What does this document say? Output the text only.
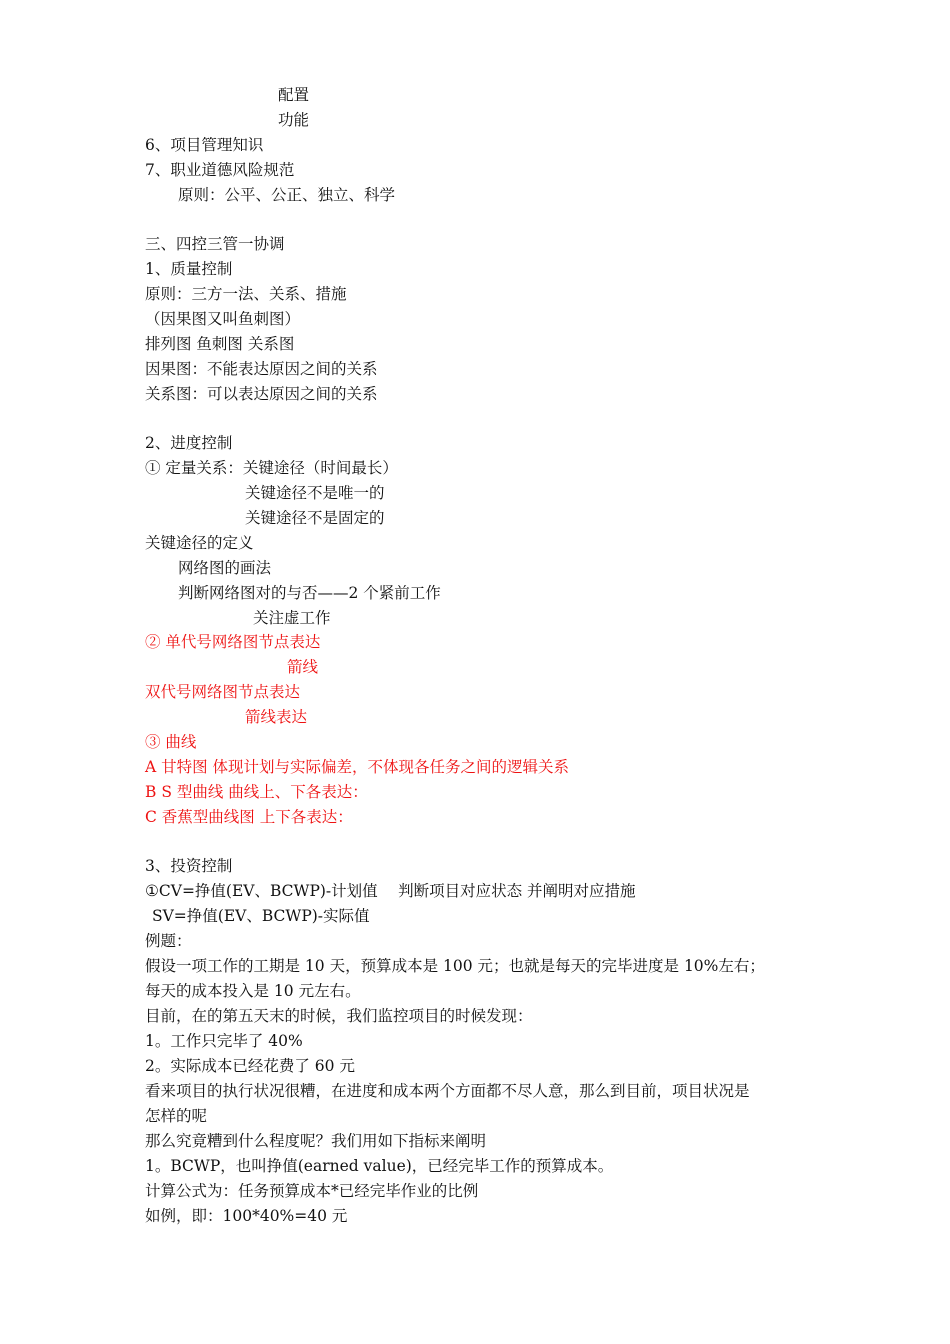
配置
功能
6、项目管理知识
7、职业道德风险规范
原则：公平、公正、独立、科学
三、四控三管一协调
1、质量控制
原则：三方一法、关系、措施
（因果图又叫鱼刺图）
排列图 鱼刺图 关系图
因果图：不能表达原因之间的关系
关系图：可以表达原因之间的关系
2、进度控制
① 定量关系：关键途径（时间最长）
关键途径不是唯一的
关键途径不是固定的
关键途径的定义
网络图的画法
判断网络图对的与否——2 个紧前工作
关注虚工作
② 单代号网络图节点表达
箭线
双代号网络图节点表达
箭线表达
③ 曲线
A 甘特图 体现计划与实际偏差，不体现各任务之间的逻辑关系
B S 型曲线 曲线上、下各表达：
C 香蕉型曲线图 上下各表达：
3、投资控制
①CV=挣值(EV、BCWP)-计划值　 判断项目对应状态 并阐明对应措施
SV=挣值(EV、BCWP)-实际值
例题：
假设一项工作的工期是 10 天，预算成本是 100 元；也就是每天的完毕进度是 10%左右；
每天的成本投入是 10 元左右。
目前，在的第五天末的时候，我们监控项目的时候发现：
1。工作只完毕了 40%
2。实际成本已经花费了 60 元
看来项目的执行状况很糟，在进度和成本两个方面都不尽人意，那么到目前，项目状况是
怎样的呢
那么究竟糟到什么程度呢？我们用如下指标来阐明
1。BCWP，也叫挣值(earned value)，已经完毕工作的预算成本。
计算公式为：任务预算成本*已经完毕作业的比例
如例，即：100*40%=40 元
